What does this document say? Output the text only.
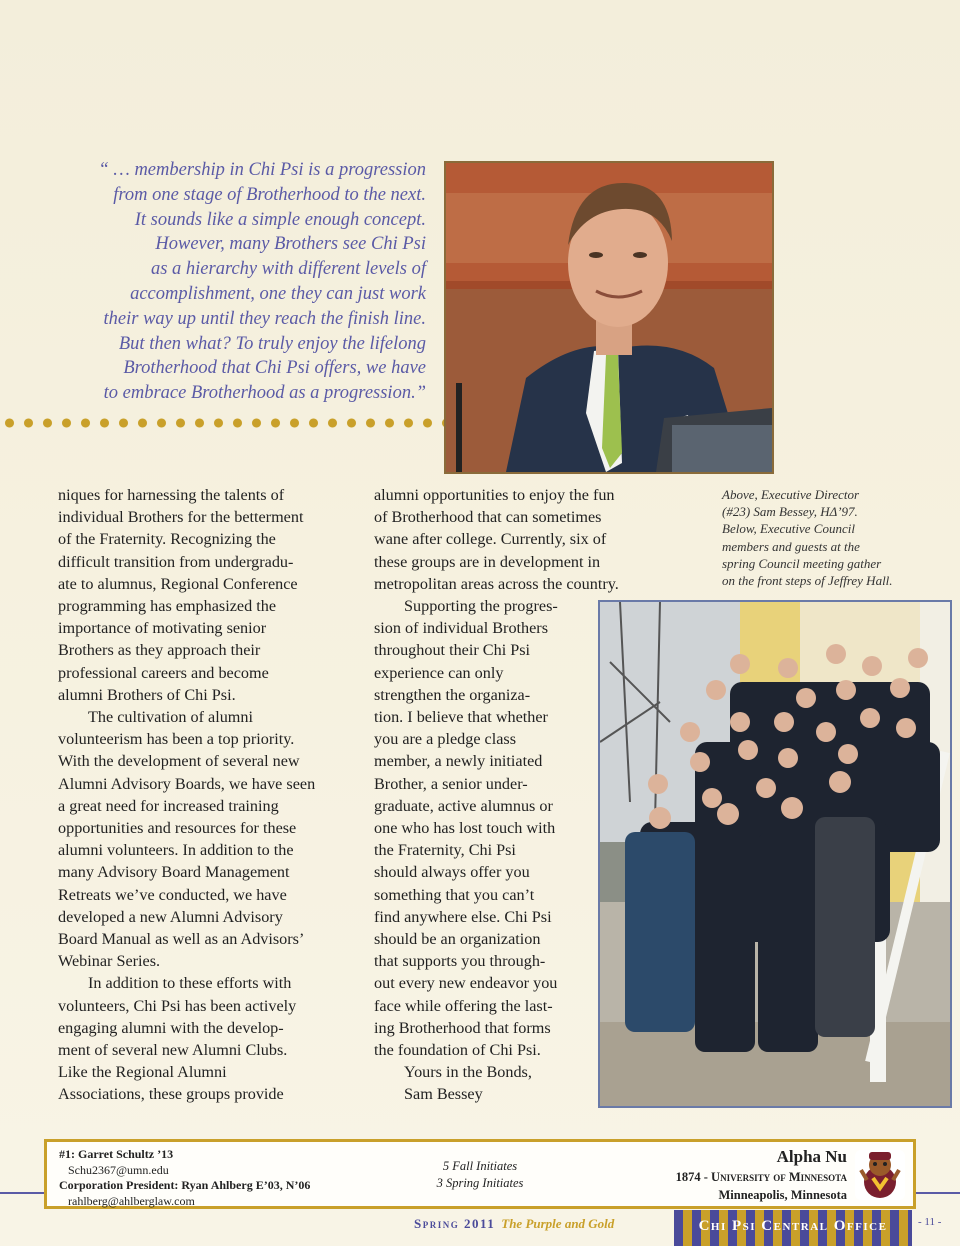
“ … membership in Chi Psi is a progression
from one stage of Brotherhood to the next.
It sounds like a simple enough concept.
However, many Brothers see Chi Psi
as a hierarchy with different levels of
accomplishment, one they can just work
their way up until they reach the finish line.
But then what? To truly enjoy the lifelong
Brotherhood that Chi Psi offers, we have
to embrace Brotherhood as a progression.”

niques for harnessing the talents of
individual Brothers for the betterment
of the Fraternity. Recognizing the
difficult transition from undergradu-
ate to alumnus, Regional Conference
programming has emphasized the
importance of motivating senior
Brothers as they approach their
professional careers and become
alumni Brothers of Chi Psi.

The cultivation of alumni
volunteerism has been a top priority.
With the development of several new
Alumni Advisory Boards, we have seen
a great need for increased training
opportunities and resources for these
alumni volunteers. In addition to the
many Advisory Board Management
Retreats we’ve conducted, we have
developed a new Alumni Advisory
Board Manual as well as an Advisors’
Webinar Series.

In addition to these efforts with
volunteers, Chi Psi has been actively
engaging alumni with the develop-
ment of several new Alumni Clubs.
Like the Regional Alumni
Associations, these groups provide

alumni opportunities to enjoy the fun
of Brotherhood that can sometimes
wane after college. Currently, six of
these groups are in development in
metropolitan areas across the country.

Supporting the progres-
sion of individual Brothers
throughout their Chi Psi
experience can only
strengthen the organiza-
tion. I believe that whether
you are a pledge class
member, a newly initiated
Brother, a senior under-
graduate, active alumnus or
one who has lost touch with
the Fraternity, Chi Psi
should always offer you
something that you can’t
find anywhere else. Chi Psi
should be an organization
that supports you through-
out every new endeavor you
face while offering the last-
ing Brotherhood that forms
the foundation of Chi Psi.

Yours in the Bonds,
Sam Bessey

Above, Executive Director
(#23) Sam Bessey, HΔ’97.
Below, Executive Council
members and guests at the
spring Council meeting gather
on the front steps of Jeffrey Hall.
#1: Garret Schultz ’13
Schu2367@umn.edu
Corporation President: Ryan Ahlberg E’03, N’06
rahlberg@ahlberglaw.com
5 Fall Initiates
3 Spring Initiates
Alpha Nu
1874 - University of Minnesota
Minneapolis, Minnesota
Spring 2011 The Purple and Gold	Chi Psi Central Office	- 11 -
